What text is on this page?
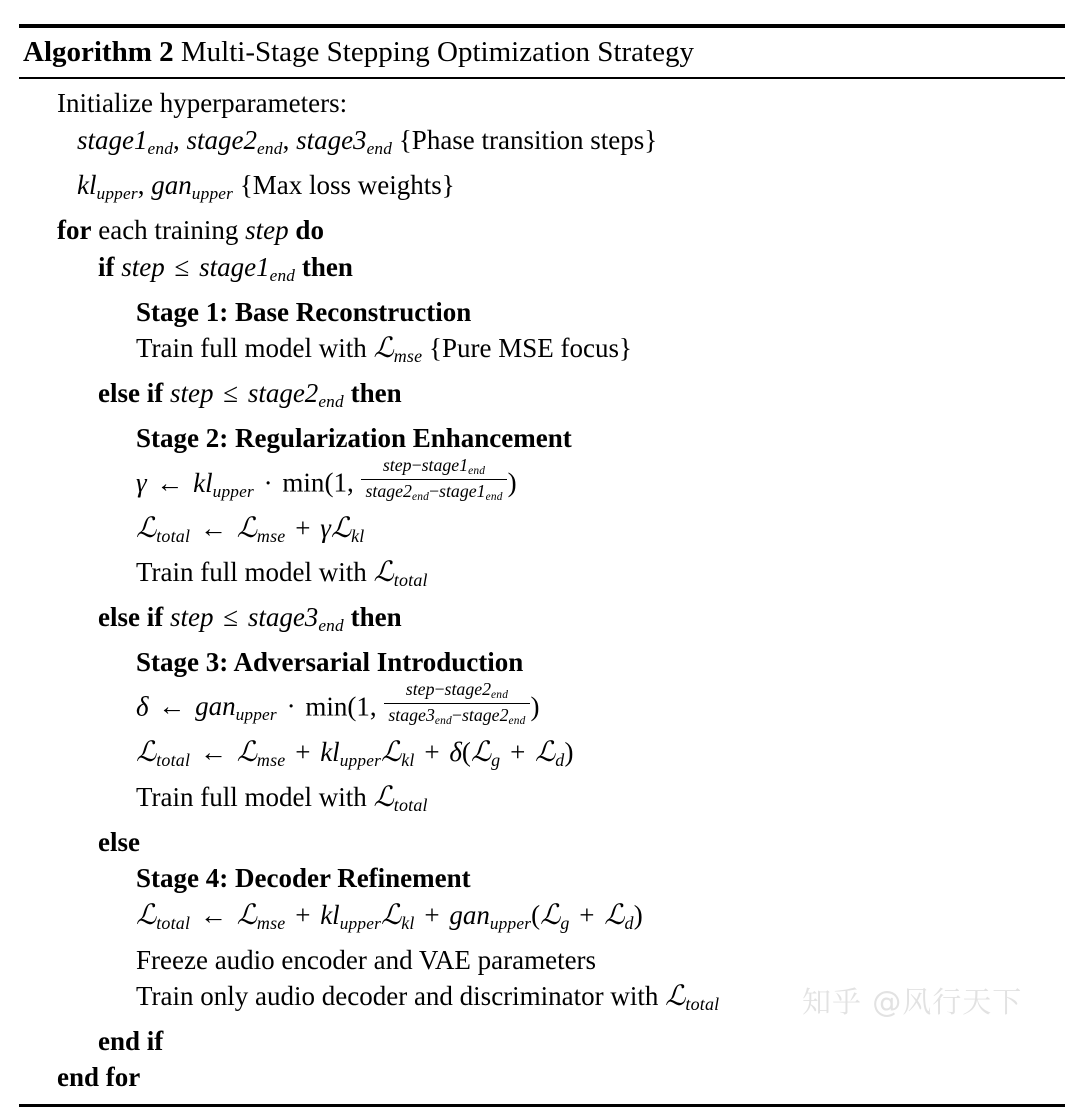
Algorithm 2 Multi-Stage Stepping Optimization Strategy
Initialize hyperparameters:
$stage1_{end}$, $stage2_{end}$, $stage3_{end}$ {Phase transition steps}
$kl_{upper}$, gan$_{upper}$ {Max loss weights}
for each training step do
if step ≤ $stage1_{end}$ then
Stage 1: Base Reconstruction
Train full model with ℒ$_{mse}$ {Pure MSE focus}
else if step ≤ $stage2_{end}$ then
Stage 2: Regularization Enhancement
γ ← $kl_{upper} \cdot \min(1$, $\frac{step-stage1_{end}}{stage2_{end}-stage1_{end}}$ )
ℒ$_{total}$ ← ℒ$_{mse}$ + γℒ$_{kl}$
Train full model with ℒ$_{total}$
else if step ≤ $stage3_{end}$ then
Stage 3: Adversarial Introduction
δ ← gan$_{upper}$ · min(1, $\frac{step-stage2_{end}}{stage3_{end}-stage2_{end}}$ )
ℒ$_{total}$ ← ℒ$_{mse}$ + $kl_{upper}ℒ_{kl}$ + δ(ℒ$_g$ + ℒ$_d$)
Train full model with ℒ$_{total}$
else
Stage 4: Decoder Refinement
ℒ$_{total}$ ← ℒ$_{mse}$ + $kl_{upper}ℒ_{kl}$ + gan$_{upper}$(ℒ$_g$ + ℒ$_d$)
Freeze audio encoder and VAE parameters
Train only audio decoder and discriminator with ℒ$_{total}$
end if
end for
知乎 @风行天下
